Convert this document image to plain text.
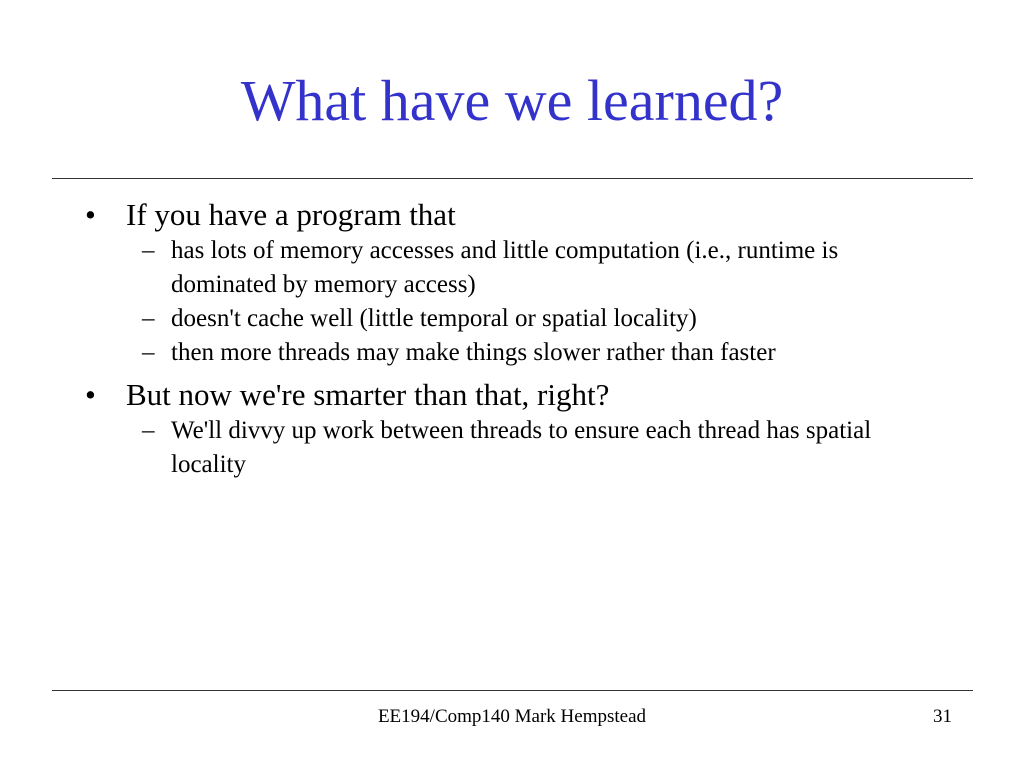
What have we learned?
• If you have a program that
– has lots of memory accesses and little computation (i.e., runtime is dominated by memory access)
– doesn't cache well (little temporal or spatial locality)
– then more threads may make things slower rather than faster
• But now we're smarter than that, right?
– We'll divvy up work between threads to ensure each thread has spatial locality
EE194/Comp140 Mark Hempstead	31
